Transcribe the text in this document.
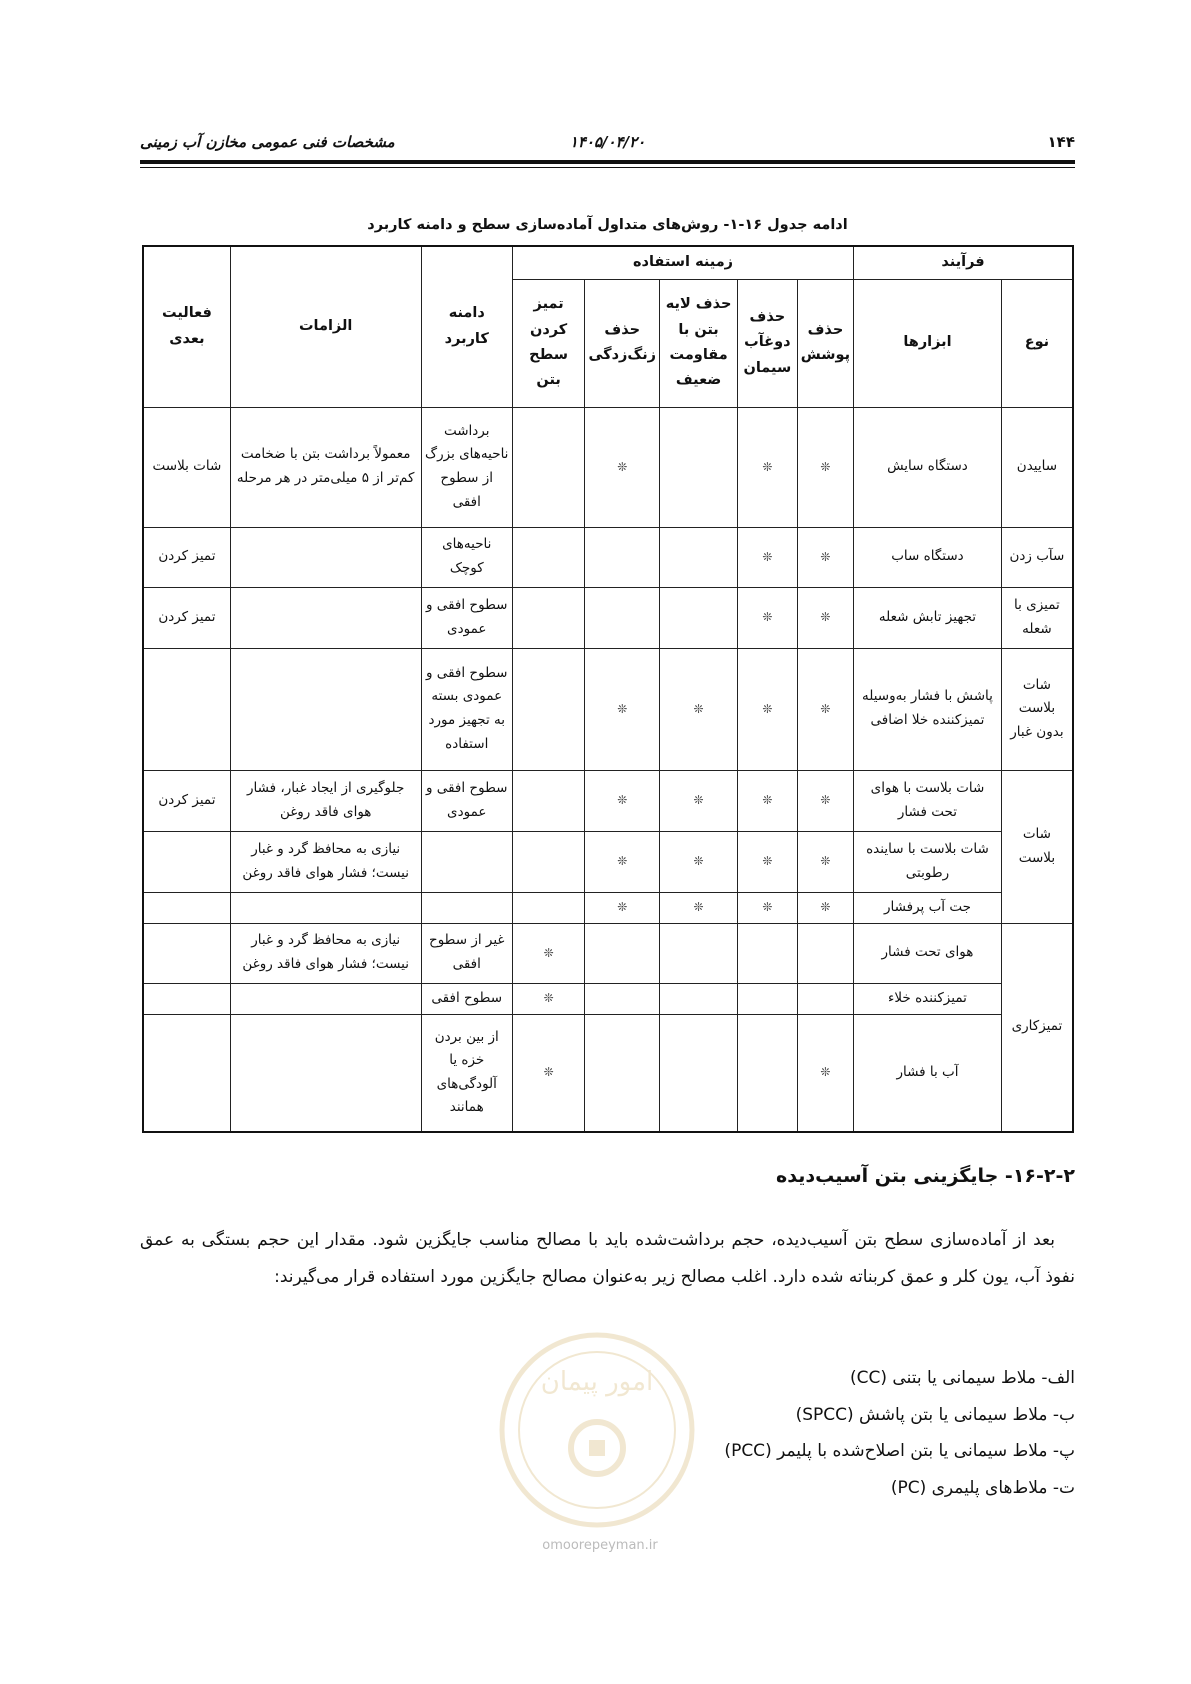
۱۴۴
۱۴۰۵/۰۴/۲۰
مشخصات فنی عمومی مخازن آب زمینی
ادامه جدول ۱۶-۱- روش‌های متداول آماده‌سازی سطح و دامنه کاربرد
فرآیند		زمینه استفاده					دامنه کاربرد	الزامات	فعالیت بعدی
نوع	ابزارها	حذف پوشش	حذف دوغآب سیمان	حذف لایه بتن با مقاومت ضعیف	حذف زنگ‌زدگی	تمیز کردن سطح بتن			
ساییدن	دستگاه سایش	❊	❊		❊		برداشت ناحیه‌های بزرگ از سطوح افقی	معمولاً برداشت بتن با ضخامت کم‌تر از ۵ میلی‌متر در هر مرحله	شات بلاست
سآب زدن	دستگاه ساب	❊	❊				ناحیه‌های کوچک		تمیز کردن
تمیزی با شعله	تجهیز تابش شعله	❊	❊				سطوح افقی و عمودی		تمیز کردن
شات بلاست بدون غبار	پاشش با فشار به‌وسیله تمیزکننده خلا اضافی	❊	❊	❊	❊		سطوح افقی و عمودی بسته به تجهیز مورد استفاده		
شات بلاست	شات بلاست با هوای تحت فشار	❊	❊	❊	❊		سطوح افقی و عمودی	جلوگیری از ایجاد غبار، فشار هوای فاقد روغن	تمیز کردن
	شات بلاست با ساینده رطوبتی	❊	❊	❊	❊			نیازی به محافظ گرد و غبار نیست؛ فشار هوای فاقد روغن	
	جت آب پرفشار	❊	❊	❊	❊				
تمیزکاری	هوای تحت فشار					❊	غیر از سطوح افقی	نیازی به محافظ گرد و غبار نیست؛ فشار هوای فاقد روغن	
	تمیزکننده خلاء					❊	سطوح افقی		
	آب با فشار	❊				❊	از بین بردن خزه یا آلودگی‌های همانند		
۱۶-۲-۲- جایگزینی بتن آسیب‌دیده
بعد از آماده‌سازی سطح بتن آسیب‌دیده، حجم برداشت‌شده باید با مصالح مناسب جایگزین شود. مقدار این حجم بستگی به عمق نفوذ آب، یون کلر و عمق کربناته شده دارد. اغلب مصالح زیر به‌عنوان مصالح جایگزین مورد استفاده قرار می‌گیرند:
الف- ملاط سیمانی یا بتنی (CC)
ب- ملاط سیمانی یا بتن پاشش (SPCC)
پ- ملاط سیمانی یا بتن اصلاح‌شده با پلیمر (PCC)
ت- ملاط‌های پلیمری (PC)
امور پیمان
omoorepeyman.ir
